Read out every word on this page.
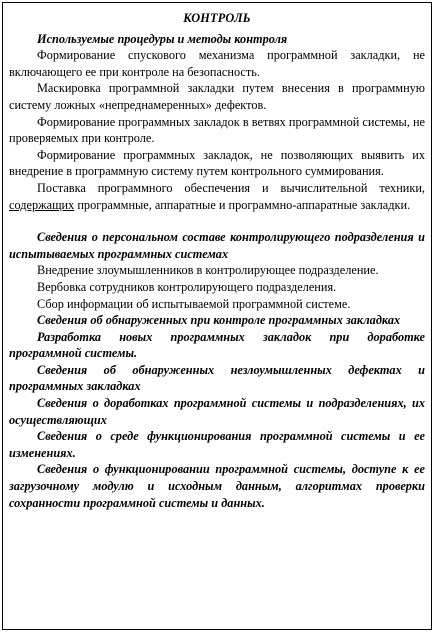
КОНТРОЛЬ

Используемые процедуры и методы контроля

Формирование спускового механизма программной закладки, не включающего ее при контроле на безопасность.

Маскировка программной закладки путем внесения в программную систему ложных «непреднамеренных» дефектов.

Формирование программных закладок в ветвях программной системы, не проверяемых при контроле.

Формирование программных закладок, не позволяющих выявить их внедрение в программную систему путем контрольного суммирования.

Поставка программного обеспечения и вычислительной техники, содержащих программные, аппаратные и программно-аппаратные закладки.

Сведения о персональном составе контролирующего подразделения и испытываемых программных системах

Внедрение злоумышленников в контролирующее подразделение.

Вербовка сотрудников контролирующего подразделения.

Сбор информации об испытываемой программной системе.

Сведения об обнаруженных при контроле программных закладках

Разработка новых программных закладок при доработке программной системы.

Сведения об обнаруженных незлоумышленных дефектах и программных закладках

Сведения о доработках программной системы и подразделениях, их осуществляющих

Сведения о среде функционирования программной системы и ее изменениях.

Сведения о функционировании программной системы, доступе к ее загрузочному модулю и исходным данным, алгоритмах проверки сохранности программной системы и данных.
